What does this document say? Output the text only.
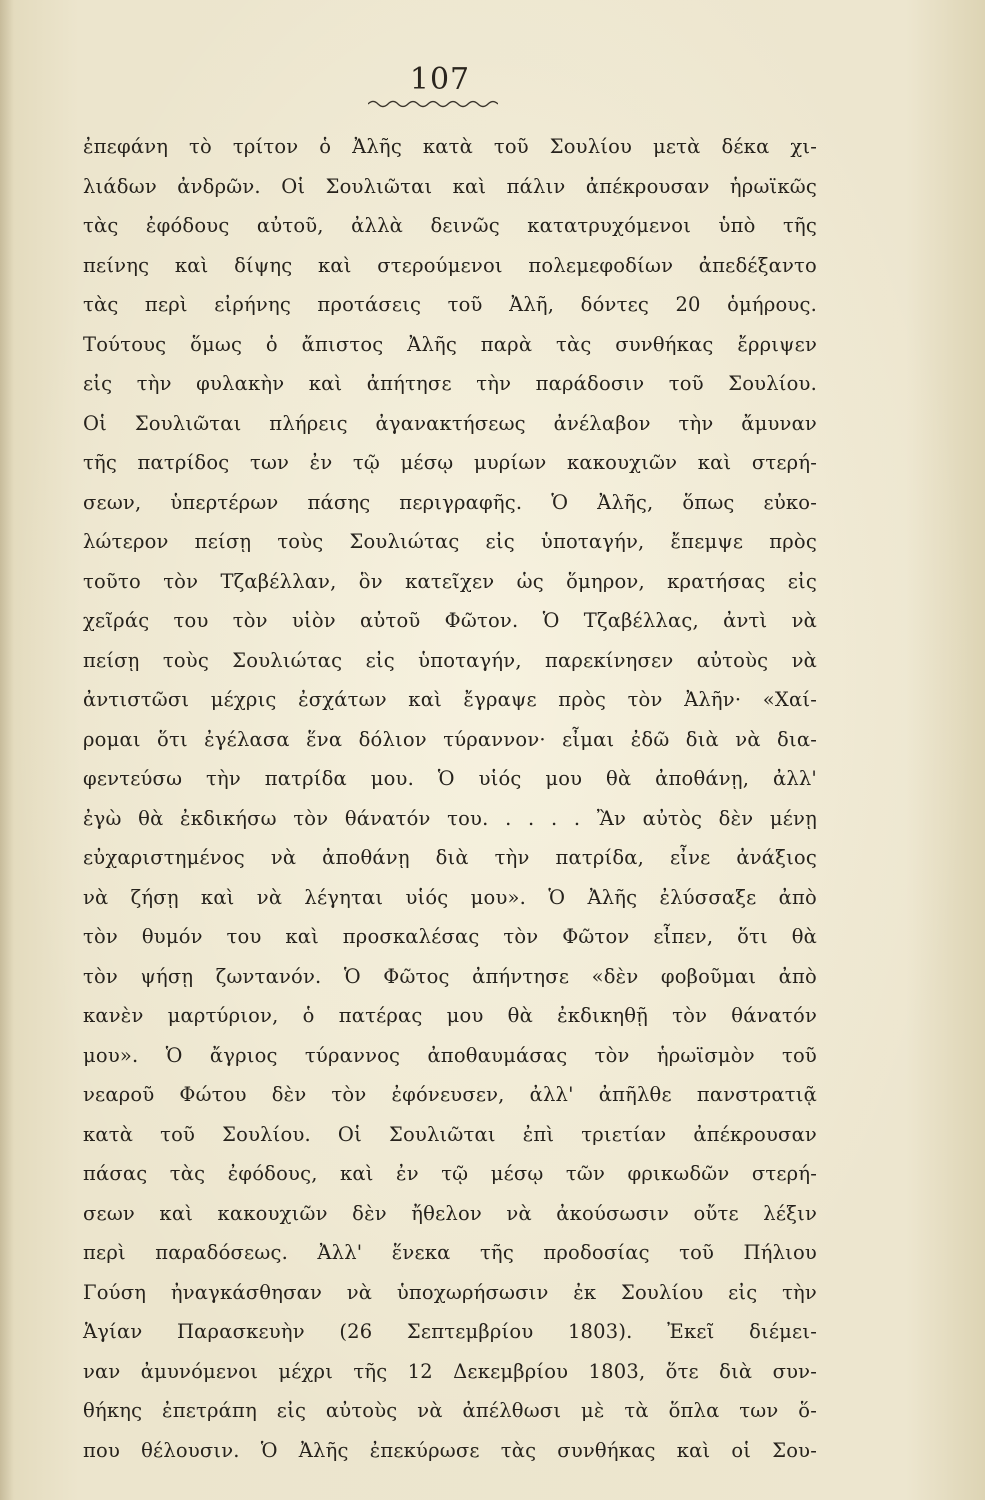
107
ἐπεφάνη τὸ τρίτον ὁ Ἀλῆς κατὰ τοῦ Σουλίου μετὰ δέκα χι-
λιάδων ἀνδρῶν. Οἱ Σουλιῶται καὶ πάλιν ἀπέκρουσαν ἡρωϊκῶς
τὰς ἐφόδους αὐτοῦ, ἀλλὰ δεινῶς κατατρυχόμενοι ὑπὸ τῆς
πείνης καὶ δίψης καὶ στερούμενοι πολεμεφοδίων ἀπεδέξαντο
τὰς περὶ εἰρήνης προτάσεις τοῦ Ἀλῆ, δόντες 20 ὁμήρους.
Τούτους ὅμως ὁ ἄπιστος Ἀλῆς παρὰ τὰς συνθήκας ἔρριψεν
εἰς τὴν φυλακὴν καὶ ἀπήτησε τὴν παράδοσιν τοῦ Σουλίου.
Οἱ Σουλιῶται πλήρεις ἀγανακτήσεως ἀνέλαβον τὴν ἄμυναν
τῆς πατρίδος των ἐν τῷ μέσῳ μυρίων κακουχιῶν καὶ στερή-
σεων, ὑπερτέρων πάσης περιγραφῆς. Ὁ Ἀλῆς, ὅπως εὐκο-
λώτερον πείσῃ τοὺς Σουλιώτας εἰς ὑποταγήν, ἔπεμψε πρὸς
τοῦτο τὸν Τζαβέλλαν, ὃν κατεῖχεν ὡς ὅμηρον, κρατήσας εἰς
χεῖράς του τὸν υἱὸν αὐτοῦ Φῶτον. Ὁ Τζαβέλλας, ἀντὶ νὰ
πείσῃ τοὺς Σουλιώτας εἰς ὑποταγήν, παρεκίνησεν αὐτοὺς νὰ
ἀντιστῶσι μέχρις ἐσχάτων καὶ ἔγραψε πρὸς τὸν Ἀλῆν· «Χαί-
ρομαι ὅτι ἐγέλασα ἕνα δόλιον τύραννον· εἶμαι ἐδῶ διὰ νὰ δια-
φεντεύσω τὴν πατρίδα μου. Ὁ υἱός μου θὰ ἀποθάνῃ, ἀλλ'
ἐγὼ θὰ ἐκδικήσω τὸν θάνατόν του. . . . . Ἂν αὐτὸς δὲν μένῃ
εὐχαριστημένος νὰ ἀποθάνῃ διὰ τὴν πατρίδα, εἶνε ἀνάξιος
νὰ ζήσῃ καὶ νὰ λέγηται υἱός μου». Ὁ Ἀλῆς ἐλύσσαξε ἀπὸ
τὸν θυμόν του καὶ προσκαλέσας τὸν Φῶτον εἶπεν, ὅτι θὰ
τὸν ψήσῃ ζωντανόν. Ὁ Φῶτος ἀπήντησε «δὲν φοβοῦμαι ἀπὸ
κανὲν μαρτύριον, ὁ πατέρας μου θὰ ἐκδικηθῇ τὸν θάνατόν
μου». Ὁ ἄγριος τύραννος ἀποθαυμάσας τὸν ἡρωϊσμὸν τοῦ
νεαροῦ Φώτου δὲν τὸν ἐφόνευσεν, ἀλλ' ἀπῆλθε πανστρατιᾷ
κατὰ τοῦ Σουλίου. Οἱ Σουλιῶται ἐπὶ τριετίαν ἀπέκρουσαν
πάσας τὰς ἐφόδους, καὶ ἐν τῷ μέσῳ τῶν φρικωδῶν στερή-
σεων καὶ κακουχιῶν δὲν ἤθελον νὰ ἀκούσωσιν οὔτε λέξιν
περὶ παραδόσεως. Ἀλλ' ἕνεκα τῆς προδοσίας τοῦ Πήλιου
Γούση ἠναγκάσθησαν νὰ ὑποχωρήσωσιν ἐκ Σουλίου εἰς τὴν
Ἁγίαν Παρασκευὴν (26 Σεπτεμβρίου 1803). Ἐκεῖ διέμει-
ναν ἀμυνόμενοι μέχρι τῆς 12 Δεκεμβρίου 1803, ὅτε διὰ συν-
θήκης ἐπετράπη εἰς αὐτοὺς νὰ ἀπέλθωσι μὲ τὰ ὅπλα των ὅ-
που θέλουσιν. Ὁ Ἀλῆς ἐπεκύρωσε τὰς συνθήκας καὶ οἱ Σου-
